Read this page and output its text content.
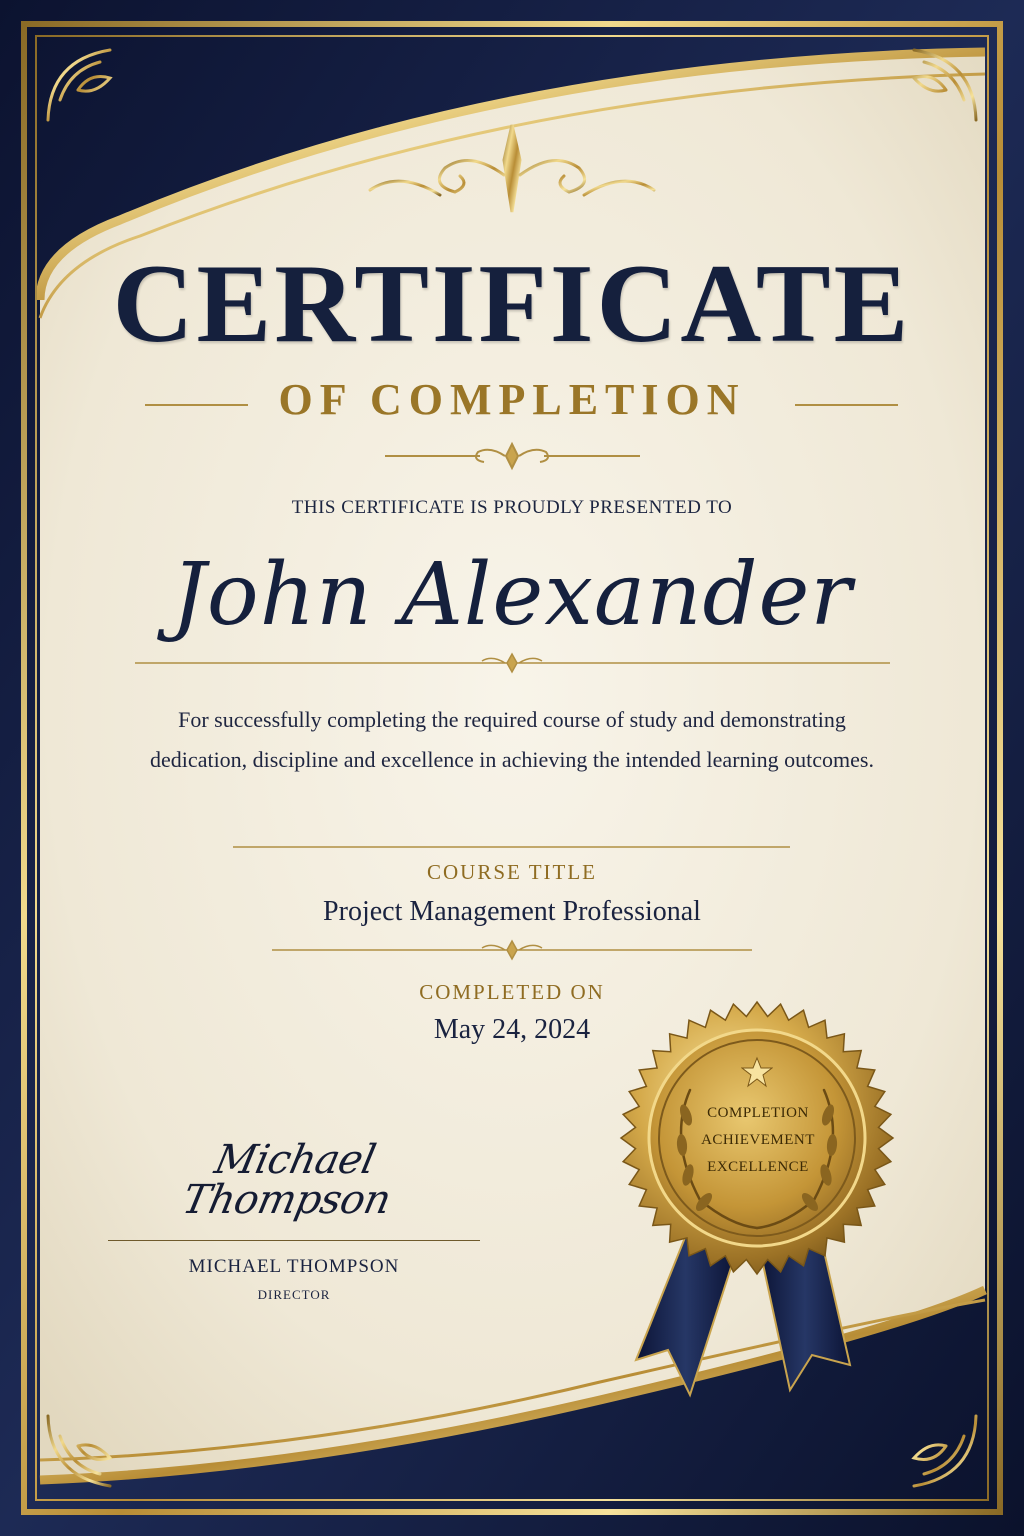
CERTIFICATE
OF COMPLETION
THIS CERTIFICATE IS PROUDLY PRESENTED TO
John Alexander
For successfully completing the required course of study and demonstrating dedication, discipline and excellence in achieving the intended learning outcomes.
COURSE TITLE
Project Management Professional
COMPLETED ON
May 24, 2024
Michael Thompson
MICHAEL THOMPSON
DIRECTOR
COMPLETION
ACHIEVEMENT
EXCELLENCE
